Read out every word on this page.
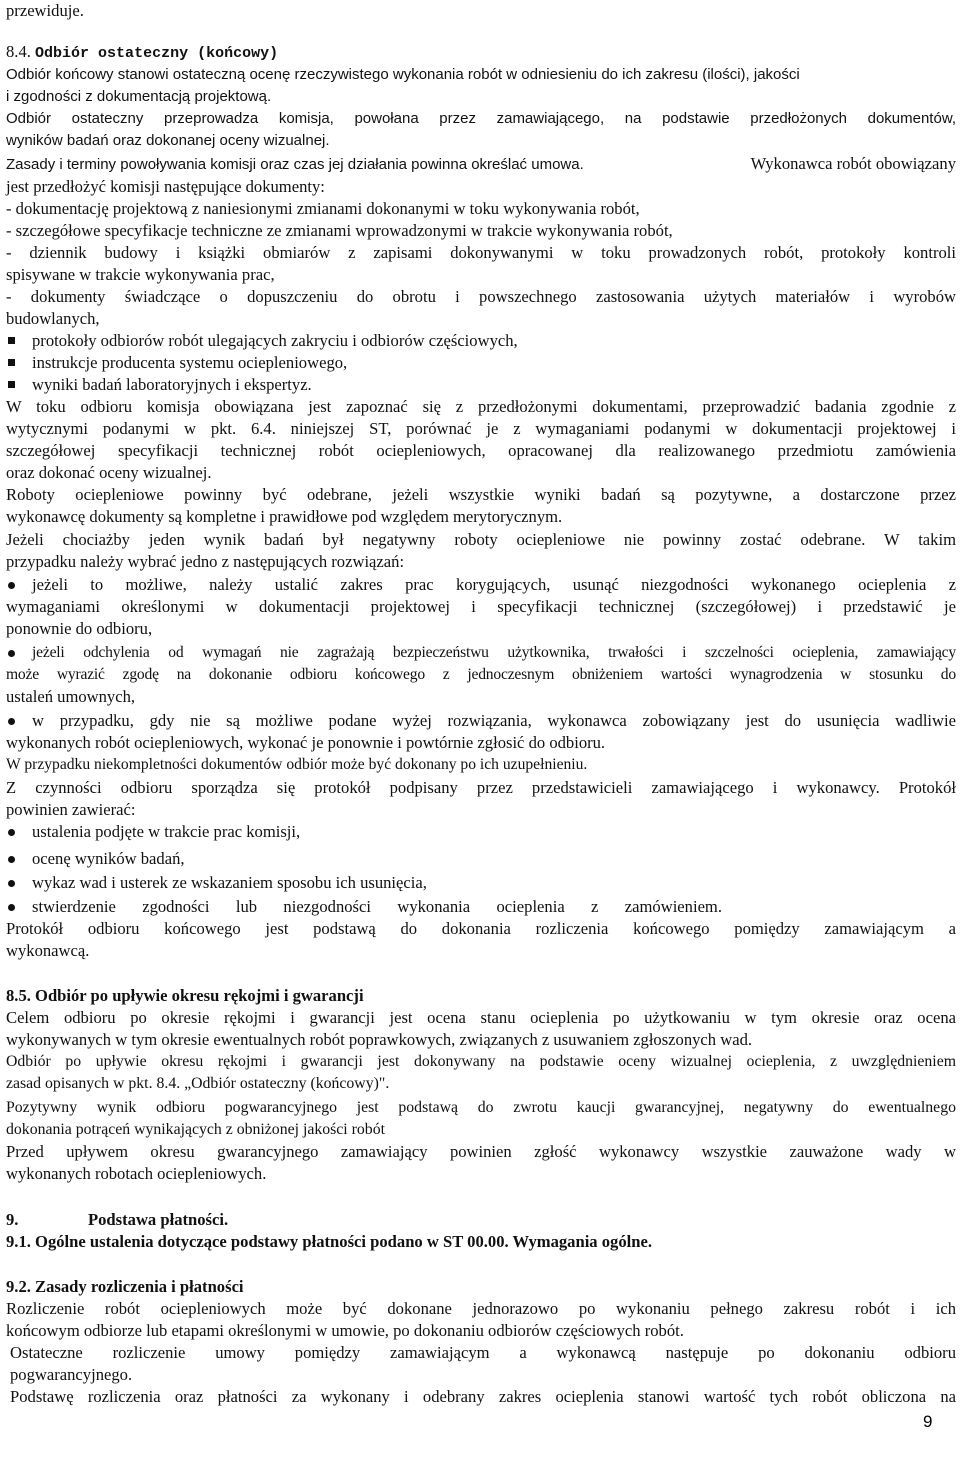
przewiduje.
8.4. Odbiór ostateczny (końcowy)
Odbiór końcowy stanowi ostateczną ocenę rzeczywistego wykonania robót w odniesieniu do ich zakresu (ilości), jakości
i zgodności z dokumentacją projektową.
Odbiór ostateczny przeprowadza komisja, powołana przez zamawiającego, na podstawie przedłożonych dokumentów,
wyników badań oraz dokonanej oceny wizualnej.
Zasady i terminy powoływania komisji oraz czas jej działania powinna określać umowa.	Wykonawca robót obowiązany
jest przedłożyć komisji następujące dokumenty:
- dokumentację projektową z naniesionymi zmianami dokonanymi w toku wykonywania robót,
- szczegółowe specyfikacje techniczne ze zmianami wprowadzonymi w trakcie wykonywania robót,
- dziennik budowy i książki obmiarów z zapisami dokonywanymi w toku prowadzonych robót, protokoły kontroli
spisywane w trakcie wykonywania prac,
- dokumenty świadczące o dopuszczeniu do obrotu i powszechnego zastosowania użytych materiałów i wyrobów
budowlanych,
protokoły odbiorów robót ulegających zakryciu i odbiorów częściowych,
instrukcje producenta systemu ociepleniowego,
wyniki badań laboratoryjnych i ekspertyz.
W toku odbioru komisja obowiązana jest zapoznać się z przedłożonymi dokumentami, przeprowadzić badania zgodnie z
wytycznymi podanymi w pkt. 6.4. niniejszej ST, porównać je z wymaganiami podanymi w dokumentacji projektowej i
szczegółowej specyfikacji technicznej robót ociepleniowych, opracowanej dla realizowanego przedmiotu zamówienia
oraz dokonać oceny wizualnej.
Roboty ociepleniowe powinny być odebrane, jeżeli wszystkie wyniki badań są pozytywne, a dostarczone przez
wykonawcę dokumenty są kompletne i prawidłowe pod względem merytorycznym.
Jeżeli chociażby jeden wynik badań był negatywny roboty ociepleniowe nie powinny zostać odebrane. W takim
przypadku należy wybrać jedno z następujących rozwiązań:
jeżeli to możliwe, należy ustalić zakres prac korygujących, usunąć niezgodności wykonanego ocieplenia z
wymaganiami określonymi w dokumentacji projektowej i specyfikacji technicznej (szczegółowej) i przedstawić je
ponownie do odbioru,
jeżeli odchylenia od wymagań nie zagrażają bezpieczeństwu użytkownika, trwałości i szczelności ocieplenia, zamawiający
może wyrazić zgodę na dokonanie odbioru końcowego z jednoczesnym obniżeniem wartości wynagrodzenia w stosunku do
ustaleń umownych,
w przypadku, gdy nie są możliwe podane wyżej rozwiązania, wykonawca zobowiązany jest do usunięcia wadliwie
wykonanych robót ociepleniowych, wykonać je ponownie i powtórnie zgłosić do odbioru.
W przypadku niekompletności dokumentów odbiór może być dokonany po ich uzupełnieniu.
Z czynności odbioru sporządza się protokół podpisany przez przedstawicieli zamawiającego i wykonawcy. Protokół
powinien zawierać:
ustalenia podjęte w trakcie prac komisji,
ocenę wyników badań,
wykaz wad i usterek ze wskazaniem sposobu ich usunięcia,
stwierdzenie zgodności lub niezgodności wykonania ocieplenia z zamówieniem.
Protokół odbioru końcowego jest podstawą do dokonania rozliczenia końcowego pomiędzy zamawiającym a
wykonawcą.
8.5. Odbiór po upływie okresu rękojmi i gwarancji
Celem odbioru po okresie rękojmi i gwarancji jest ocena stanu ocieplenia po użytkowaniu w tym okresie oraz ocena
wykonywanych w tym okresie ewentualnych robót poprawkowych, związanych z usuwaniem zgłoszonych wad.
Odbiór po upływie okresu rękojmi i gwarancji jest dokonywany na podstawie oceny wizualnej ocieplenia, z uwzględnieniem
zasad opisanych w pkt. 8.4. „Odbiór ostateczny (końcowy)".
Pozytywny wynik odbioru pogwarancyjnego jest podstawą do zwrotu kaucji gwarancyjnej, negatywny do ewentualnego
dokonania potrąceń wynikających z obniżonej jakości robót
Przed upływem okresu gwarancyjnego zamawiający powinien zgłość wykonawcy wszystkie zauważone wady w
wykonanych robotach ociepleniowych.
9.	Podstawa płatności.
9.1. Ogólne ustalenia dotyczące podstawy płatności podano w ST 00.00. Wymagania ogólne.
9.2. Zasady rozliczenia i płatności
Rozliczenie robót ociepleniowych może być dokonane jednorazowo po wykonaniu pełnego zakresu robót i ich
końcowym odbiorze lub etapami określonymi w umowie, po dokonaniu odbiorów częściowych robót.
Ostateczne rozliczenie umowy pomiędzy zamawiającym a wykonawcą następuje po dokonaniu odbioru
pogwarancyjnego.
Podstawę rozliczenia oraz płatności za wykonany i odebrany zakres ocieplenia stanowi wartość tych robót obliczona na
9
